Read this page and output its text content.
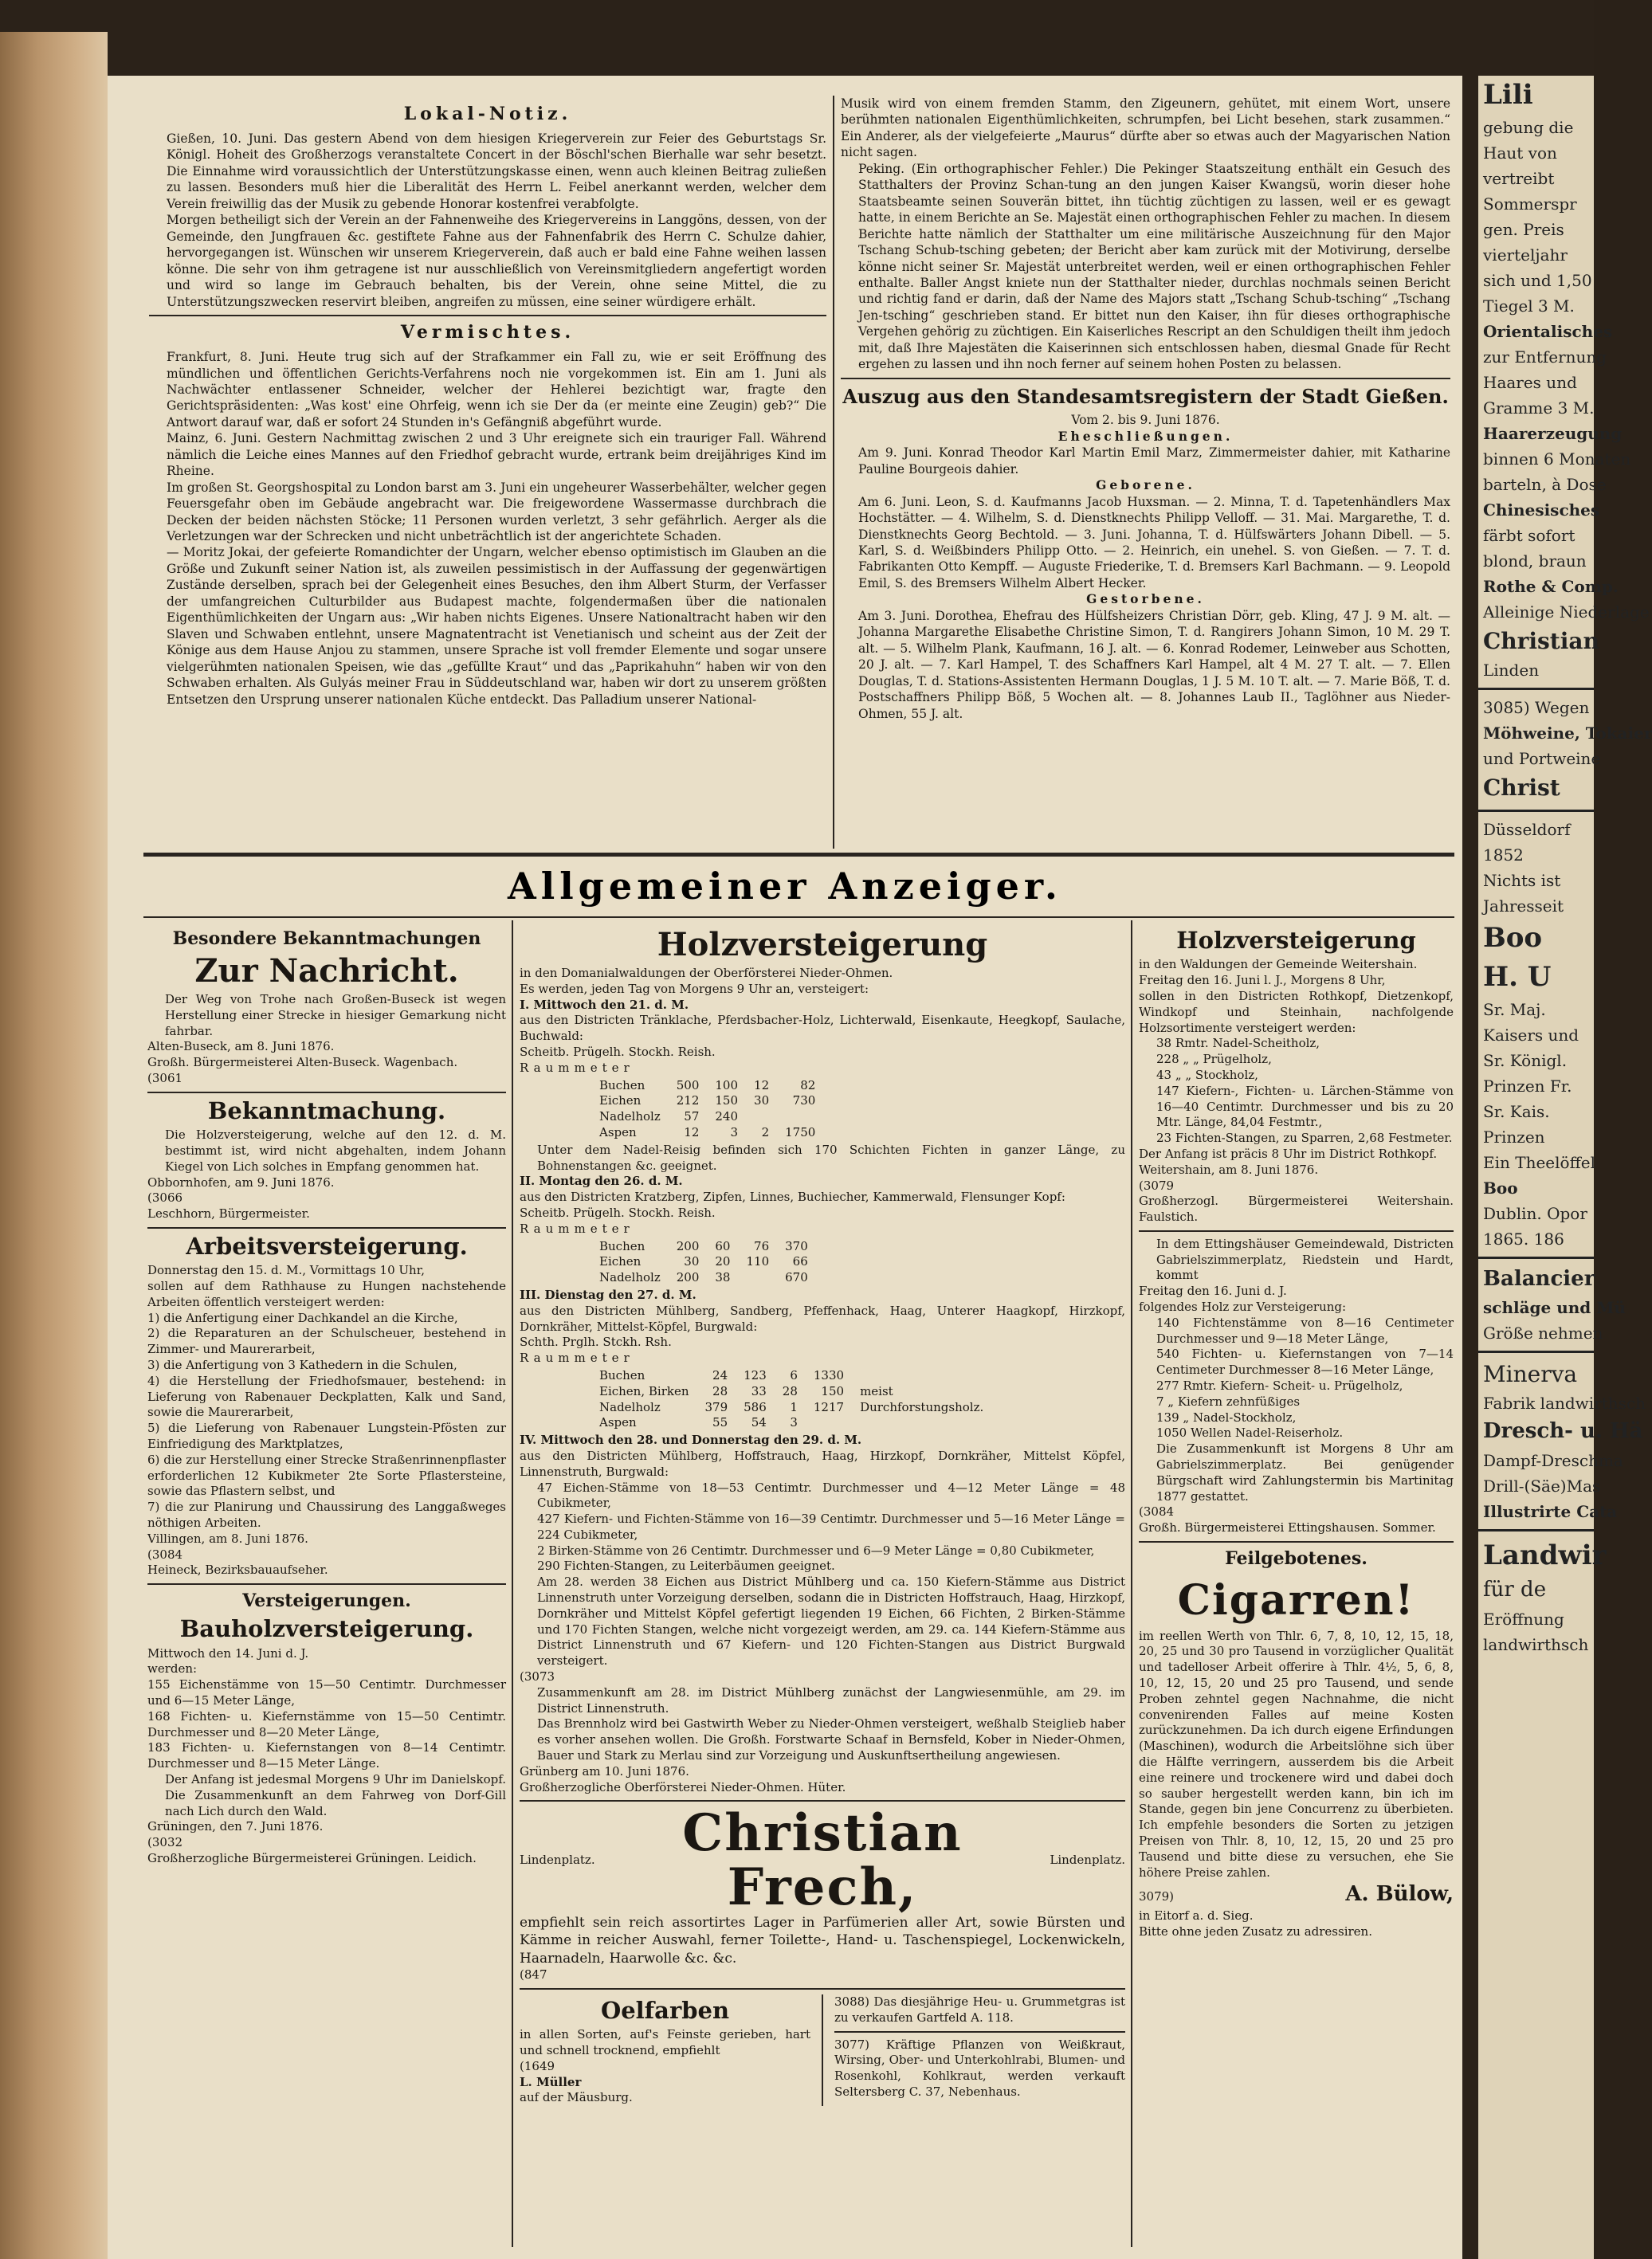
Lokal-Notiz.

Gießen, 10. Juni. Das gestern Abend von dem hiesigen Kriegerverein zur Feier des Geburtstags Sr. Königl. Hoheit des Großherzogs veranstaltete Concert in der Böschl'schen Bierhalle war sehr besetzt. Die Einnahme wird voraussichtlich der Unterstützungskasse einen, wenn auch kleinen Beitrag zuließen zu lassen. Besonders muß hier die Liberalität des Herrn L. Feibel anerkannt werden, welcher dem Verein freiwillig das der Musik zu gebende Honorar kostenfrei verabfolgte.

Morgen betheiligt sich der Verein an der Fahnenweihe des Kriegervereins in Langgöns, dessen, von der Gemeinde, den Jungfrauen &c. gestiftete Fahne aus der Fahnenfabrik des Herrn C. Schulze dahier, hervorgegangen ist. Wünschen wir unserem Kriegerverein, daß auch er bald eine Fahne weihen lassen könne. Die sehr von ihm getragene ist nur ausschließlich von Vereinsmitgliedern angefertigt worden und wird so lange im Gebrauch behalten, bis der Verein, ohne seine Mittel, die zu Unterstützungszwecken reservirt bleiben, angreifen zu müssen, eine seiner würdigere erhält.

Vermischtes.

Frankfurt, 8. Juni. Heute trug sich auf der Strafkammer ein Fall zu, wie er seit Eröffnung des mündlichen und öffentlichen Gerichts-Verfahrens noch nie vorgekommen ist. Ein am 1. Juni als Nachwächter entlassener Schneider, welcher der Hehlerei bezichtigt war, fragte den Gerichtspräsidenten: „Was kost' eine Ohrfeig, wenn ich sie Der da (er meinte eine Zeugin) geb?“ Die Antwort darauf war, daß er sofort 24 Stunden in's Gefängniß abgeführt wurde.

Mainz, 6. Juni. Gestern Nachmittag zwischen 2 und 3 Uhr ereignete sich ein trauriger Fall. Während nämlich die Leiche eines Mannes auf den Friedhof gebracht wurde, ertrank beim dreijähriges Kind im Rheine.

Im großen St. Georgshospital zu London barst am 3. Juni ein ungeheurer Wasserbehälter, welcher gegen Feuersgefahr oben im Gebäude angebracht war. Die freigewordene Wassermasse durchbrach die Decken der beiden nächsten Stöcke; 11 Personen wurden verletzt, 3 sehr gefährlich. Aerger als die Verletzungen war der Schrecken und nicht unbeträchtlich ist der angerichtete Schaden.

— Moritz Jokai, der gefeierte Romandichter der Ungarn, welcher ebenso optimistisch im Glauben an die Größe und Zukunft seiner Nation ist, als zuweilen pessimistisch in der Auffassung der gegenwärtigen Zustände derselben, sprach bei der Gelegenheit eines Besuches, den ihm Albert Sturm, der Verfasser der umfangreichen Culturbilder aus Budapest machte, folgendermaßen über die nationalen Eigenthümlichkeiten der Ungarn aus: „Wir haben nichts Eigenes. Unsere Nationaltracht haben wir den Slaven und Schwaben entlehnt, unsere Magnatentracht ist Venetianisch und scheint aus der Zeit der Könige aus dem Hause Anjou zu stammen, unsere Sprache ist voll fremder Elemente und sogar unsere vielgerühmten nationalen Speisen, wie das „gefüllte Kraut“ und das „Paprikahuhn“ haben wir von den Schwaben erhalten. Als Gulyás meiner Frau in Süddeutschland war, haben wir dort zu unserem größten Entsetzen den Ursprung unserer nationalen Küche entdeckt. Das Palladium unserer National-

Musik wird von einem fremden Stamm, den Zigeunern, gehütet, mit einem Wort, unsere berühmten nationalen Eigenthümlichkeiten, schrumpfen, bei Licht besehen, stark zusammen.“ Ein Anderer, als der vielgefeierte „Maurus“ dürfte aber so etwas auch der Magyarischen Nation nicht sagen.

Peking. (Ein orthographischer Fehler.) Die Pekinger Staatszeitung enthält ein Gesuch des Statthalters der Provinz Schan-tung an den jungen Kaiser Kwangsü, worin dieser hohe Staatsbeamte seinen Souverän bittet, ihn tüchtig züchtigen zu lassen, weil er es gewagt hatte, in einem Berichte an Se. Majestät einen orthographischen Fehler zu machen. In diesem Berichte hatte nämlich der Statthalter um eine militärische Auszeichnung für den Major Tschang Schub-tsching gebeten; der Bericht aber kam zurück mit der Motivirung, derselbe könne nicht seiner Sr. Majestät unterbreitet werden, weil er einen orthographischen Fehler enthalte. Baller Angst kniete nun der Statthalter nieder, durchlas nochmals seinen Bericht und richtig fand er darin, daß der Name des Majors statt „Tschang Schub-tsching“ „Tschang Jen-tsching“ geschrieben stand. Er bittet nun den Kaiser, ihn für dieses orthographische Vergehen gehörig zu züchtigen. Ein Kaiserliches Rescript an den Schuldigen theilt ihm jedoch mit, daß Ihre Majestäten die Kaiserinnen sich entschlossen haben, diesmal Gnade für Recht ergehen zu lassen und ihn noch ferner auf seinem hohen Posten zu belassen.

Auszug aus den Standesamtsregistern der Stadt Gießen.
Vom 2. bis 9. Juni 1876.
Eheschließungen.

Am 9. Juni. Konrad Theodor Karl Martin Emil Marz, Zimmermeister dahier, mit Katharine Pauline Bourgeois dahier.

Geborene.

Am 6. Juni. Leon, S. d. Kaufmanns Jacob Huxsman. — 2. Minna, T. d. Tapetenhändlers Max Hochstätter. — 4. Wilhelm, S. d. Dienstknechts Philipp Velloff. — 31. Mai. Margarethe, T. d. Dienstknechts Georg Bechtold. — 3. Juni. Johanna, T. d. Hülfswärters Johann Dibell. — 5. Karl, S. d. Weißbinders Philipp Otto. — 2. Heinrich, ein unehel. S. von Gießen. — 7. T. d. Fabrikanten Otto Kempff. — Auguste Friederike, T. d. Bremsers Karl Bachmann. — 9. Leopold Emil, S. des Bremsers Wilhelm Albert Hecker.

Gestorbene.

Am 3. Juni. Dorothea, Ehefrau des Hülfsheizers Christian Dörr, geb. Kling, 47 J. 9 M. alt. — Johanna Margarethe Elisabethe Christine Simon, T. d. Rangirers Johann Simon, 10 M. 29 T. alt. — 5. Wilhelm Plank, Kaufmann, 16 J. alt. — 6. Konrad Rodemer, Leinweber aus Schotten, 20 J. alt. — 7. Karl Hampel, T. des Schaffners Karl Hampel, alt 4 M. 27 T. alt. — 7. Ellen Douglas, T. d. Stations-Assistenten Hermann Douglas, 1 J. 5 M. 10 T. alt. — 7. Marie Böß, T. d. Postschaffners Philipp Böß, 5 Wochen alt. — 8. Johannes Laub II., Taglöhner aus Nieder-Ohmen, 55 J. alt.

Allgemeiner Anzeiger.
Besondere Bekanntmachungen
Zur Nachricht.

Der Weg von Trohe nach Großen-Buseck ist wegen Herstellung einer Strecke in hiesiger Gemarkung nicht fahrbar.

Alten-Buseck, am 8. Juni 1876.

Großh. Bürgermeisterei Alten-Buseck. Wagenbach.

(3061

Bekanntmachung.

Die Holzversteigerung, welche auf den 12. d. M. bestimmt ist, wird nicht abgehalten, indem Johann Kiegel von Lich solches in Empfang genommen hat.

Obbornhofen, am 9. Juni 1876.

(3066

Leschhorn, Bürgermeister.

Arbeitsversteigerung.

Donnerstag den 15. d. M., Vormittags 10 Uhr,

sollen auf dem Rathhause zu Hungen nachstehende Arbeiten öffentlich versteigert werden:

1) die Anfertigung einer Dachkandel an die Kirche,

2) die Reparaturen an der Schulscheuer, bestehend in Zimmer- und Maurerarbeit,

3) die Anfertigung von 3 Kathedern in die Schulen,

4) die Herstellung der Friedhofsmauer, bestehend: in Lieferung von Rabenauer Deckplatten, Kalk und Sand, sowie die Maurerarbeit,

5) die Lieferung von Rabenauer Lungstein-Pfösten zur Einfriedigung des Marktplatzes,

6) die zur Herstellung einer Strecke Straßenrinnenpflaster erforderlichen 12 Kubikmeter 2te Sorte Pflastersteine, sowie das Pflastern selbst, und

7) die zur Planirung und Chaussirung des Langgaßweges nöthigen Arbeiten.

Villingen, am 8. Juni 1876.

(3084

Heineck, Bezirksbauaufseher.

Versteigerungen.
Bauholzversteigerung.

Mittwoch den 14. Juni d. J.

werden:

155 Eichenstämme von 15—50 Centimtr. Durchmesser und 6—15 Meter Länge,

168 Fichten- u. Kiefernstämme von 15—50 Centimtr. Durchmesser und 8—20 Meter Länge,

183 Fichten- u. Kiefernstangen von 8—14 Centimtr. Durchmesser und 8—15 Meter Länge.

Der Anfang ist jedesmal Morgens 9 Uhr im Danielskopf. Die Zusammenkunft an dem Fahrweg von Dorf-Gill nach Lich durch den Wald.

Grüningen, den 7. Juni 1876.

(3032

Großherzogliche Bürgermeisterei Grüningen. Leidich.

Holzversteigerung

in den Domanialwaldungen der Oberförsterei Nieder-Ohmen.

Es werden, jeden Tag von Morgens 9 Uhr an, versteigert:

I. Mittwoch den 21. d. M.

aus den Districten Tränklache, Pferdsbacher-Holz, Lichterwald, Eisenkaute, Heegkopf, Saulache, Buchwald:

Scheitb. Prügelh. Stockh. Reish.

Raummeter

Buchen	500	100	12	82
Eichen	212	150	30	730
Nadelholz	57	240		
Aspen	12	3	2	1750

Unter dem Nadel-Reisig befinden sich 170 Schichten Fichten in ganzer Länge, zu Bohnenstangen &c. geeignet.

II. Montag den 26. d. M.

aus den Districten Kratzberg, Zipfen, Linnes, Buchiecher, Kammerwald, Flensunger Kopf:

Scheitb. Prügelh. Stockh. Reish.

Raummeter

Buchen	200	60	76	370
Eichen	30	20	110	66
Nadelholz	200	38		670

III. Dienstag den 27. d. M.

aus den Districten Mühlberg, Sandberg, Pfeffenhack, Haag, Unterer Haagkopf, Hirzkopf, Dornkräher, Mittelst-Köpfel, Burgwald:

Schth. Prglh. Stckh. Rsh.

Raummeter

Buchen	24	123	6	1330	meist Durchforstungsholz.
Eichen, Birken	28	33	28	150	
Nadelholz	379	586	1	1217	
Aspen	55	54	3		

IV. Mittwoch den 28. und Donnerstag den 29. d. M.

aus den Districten Mühlberg, Hoffstrauch, Haag, Hirzkopf, Dornkräher, Mittelst Köpfel, Linnenstruth, Burgwald:

47 Eichen-Stämme von 18—53 Centimtr. Durchmesser und 4—12 Meter Länge = 48 Cubikmeter,

427 Kiefern- und Fichten-Stämme von 16—39 Centimtr. Durchmesser und 5—16 Meter Länge = 224 Cubikmeter,

2 Birken-Stämme von 26 Centimtr. Durchmesser und 6—9 Meter Länge = 0,80 Cubikmeter,

290 Fichten-Stangen, zu Leiterbäumen geeignet.

Am 28. werden 38 Eichen aus District Mühlberg und ca. 150 Kiefern-Stämme aus District Linnenstruth unter Vorzeigung derselben, sodann die in Districten Hoffstrauch, Haag, Hirzkopf, Dornkräher und Mittelst Köpfel gefertigt liegenden 19 Eichen, 66 Fichten, 2 Birken-Stämme und 170 Fichten Stangen, welche nicht vorgezeigt werden, am 29. ca. 144 Kiefern-Stämme aus District Linnenstruth und 67 Kiefern- und 120 Fichten-Stangen aus District Burgwald versteigert.

(3073

Zusammenkunft am 28. im District Mühlberg zunächst der Langwiesenmühle, am 29. im District Linnenstruth.

Das Brennholz wird bei Gastwirth Weber zu Nieder-Ohmen versteigert, weßhalb Steiglieb haber es vorher ansehen wollen. Die Großh. Forstwarte Schaaf in Bernsfeld, Kober in Nieder-Ohmen, Bauer und Stark zu Merlau sind zur Vorzeigung und Auskunftsertheilung angewiesen.

Grünberg am 10. Juni 1876.

Großherzogliche Oberförsterei Nieder-Ohmen. Hüter.

Lindenplatz.	Christian Frech,	Lindenplatz.

empfiehlt sein reich assortirtes Lager in Parfümerien aller Art, sowie Bürsten und Kämme in reicher Auswahl, ferner Toilette-, Hand- u. Taschenspiegel, Lockenwickeln, Haarnadeln, Haarwolle &c. &c.

(847

Oelfarben

in allen Sorten, auf's Feinste gerieben, hart und schnell trocknend, empfiehlt

(1649

L. Müller

auf der Mäusburg.

3088) Das diesjährige Heu- u. Grummetgras ist zu verkaufen Gartfeld A. 118.

3077) Kräftige Pflanzen von Weißkraut, Wirsing, Ober- und Unterkohlrabi, Blumen- und Rosenkohl, Kohlkraut, werden verkauft Seltersberg C. 37, Nebenhaus.

Holzversteigerung

in den Waldungen der Gemeinde Weitershain.

Freitag den 16. Juni l. J., Morgens 8 Uhr,

sollen in den Districten Rothkopf, Dietzenkopf, Windkopf und Steinhain, nachfolgende Holzsortimente versteigert werden:

38 Rmtr. Nadel-Scheitholz,

228 „ „ Prügelholz,

43 „ „ Stockholz,

147 Kiefern-, Fichten- u. Lärchen-Stämme von 16—40 Centimtr. Durchmesser und bis zu 20 Mtr. Länge, 84,04 Festmtr.,

23 Fichten-Stangen, zu Sparren, 2,68 Festmeter.

Der Anfang ist präcis 8 Uhr im District Rothkopf.

Weitershain, am 8. Juni 1876.

(3079

Großherzogl. Bürgermeisterei Weitershain. Faulstich.

In dem Ettingshäuser Gemeindewald, Districten Gabrielszimmerplatz, Riedstein und Hardt, kommt

Freitag den 16. Juni d. J.

folgendes Holz zur Versteigerung:

140 Fichtenstämme von 8—16 Centimeter Durchmesser und 9—18 Meter Länge,

540 Fichten- u. Kiefernstangen von 7—14 Centimeter Durchmesser 8—16 Meter Länge,

277 Rmtr. Kiefern- Scheit- u. Prügelholz,

7 „ Kiefern zehnfüßiges

139 „ Nadel-Stockholz,

1050 Wellen Nadel-Reiserholz.

Die Zusammenkunft ist Morgens 8 Uhr am Gabrielszimmerplatz. Bei genügender Bürgschaft wird Zahlungstermin bis Martinitag 1877 gestattet.

(3084

Großh. Bürgermeisterei Ettingshausen. Sommer.

Feilgebotenes.
Cigarren!

im reellen Werth von Thlr. 6, 7, 8, 10, 12, 15, 18, 20, 25 und 30 pro Tausend in vorzüglicher Qualität und tadelloser Arbeit offerire à Thlr. 4½, 5, 6, 8, 10, 12, 15, 20 und 25 pro Tausend, und sende Proben zehntel gegen Nachnahme, die nicht convenirenden Falles auf meine Kosten zurückzunehmen. Da ich durch eigene Erfindungen (Maschinen), wodurch die Arbeitslöhne sich über die Hälfte verringern, ausserdem bis die Arbeit eine reinere und trockenere wird und dabei doch so sauber hergestellt werden kann, bin ich im Stande, gegen bin jene Concurrenz zu überbieten. Ich empfehle besonders die Sorten zu jetzigen Preisen von Thlr. 8, 10, 12, 15, 20 und 25 pro Tausend und bitte diese zu versuchen, ehe Sie höhere Preise zahlen.

3079)	A. Bülow,

in Eitorf a. d. Sieg.

Bitte ohne jeden Zusatz zu adressiren.

Lili
gebung die
Haut von
vertreibt
Sommerspr
gen. Preis
vierteljahr
sich und 1,50
Tiegel 3 M.
Orientalisches
zur Entfernung
Haares und
Gramme 3 M.
Haarerzeugung
binnen 6 Monaten
barteln, à Dose
Chinesisches
färbt sofort
blond, braun
Rothe & Comp.
Alleinige Niederlage
Christian
Linden
3085) Wegen
Möhweine, Tokaier
und Portweine
Christ
Düsseldorf
1852
Nichts ist
Jahresseit
Boo
H. U
Sr. Maj.
Kaisers und
Sr. Königl.
Prinzen Fr.
Sr. Kais.
Prinzen
Ein Theelöffel
Boo
Dublin. Opor
1865. 186
Balancier
schläge und Mü
Größe nehmen
Minerva
Fabrik landwirthsch
Dresch- u. Hä
Dampf-Dreschma
Drill-(Säe)Mas
Illustrirte Cata
Landwir
für de
Eröffnung
landwirthsch
